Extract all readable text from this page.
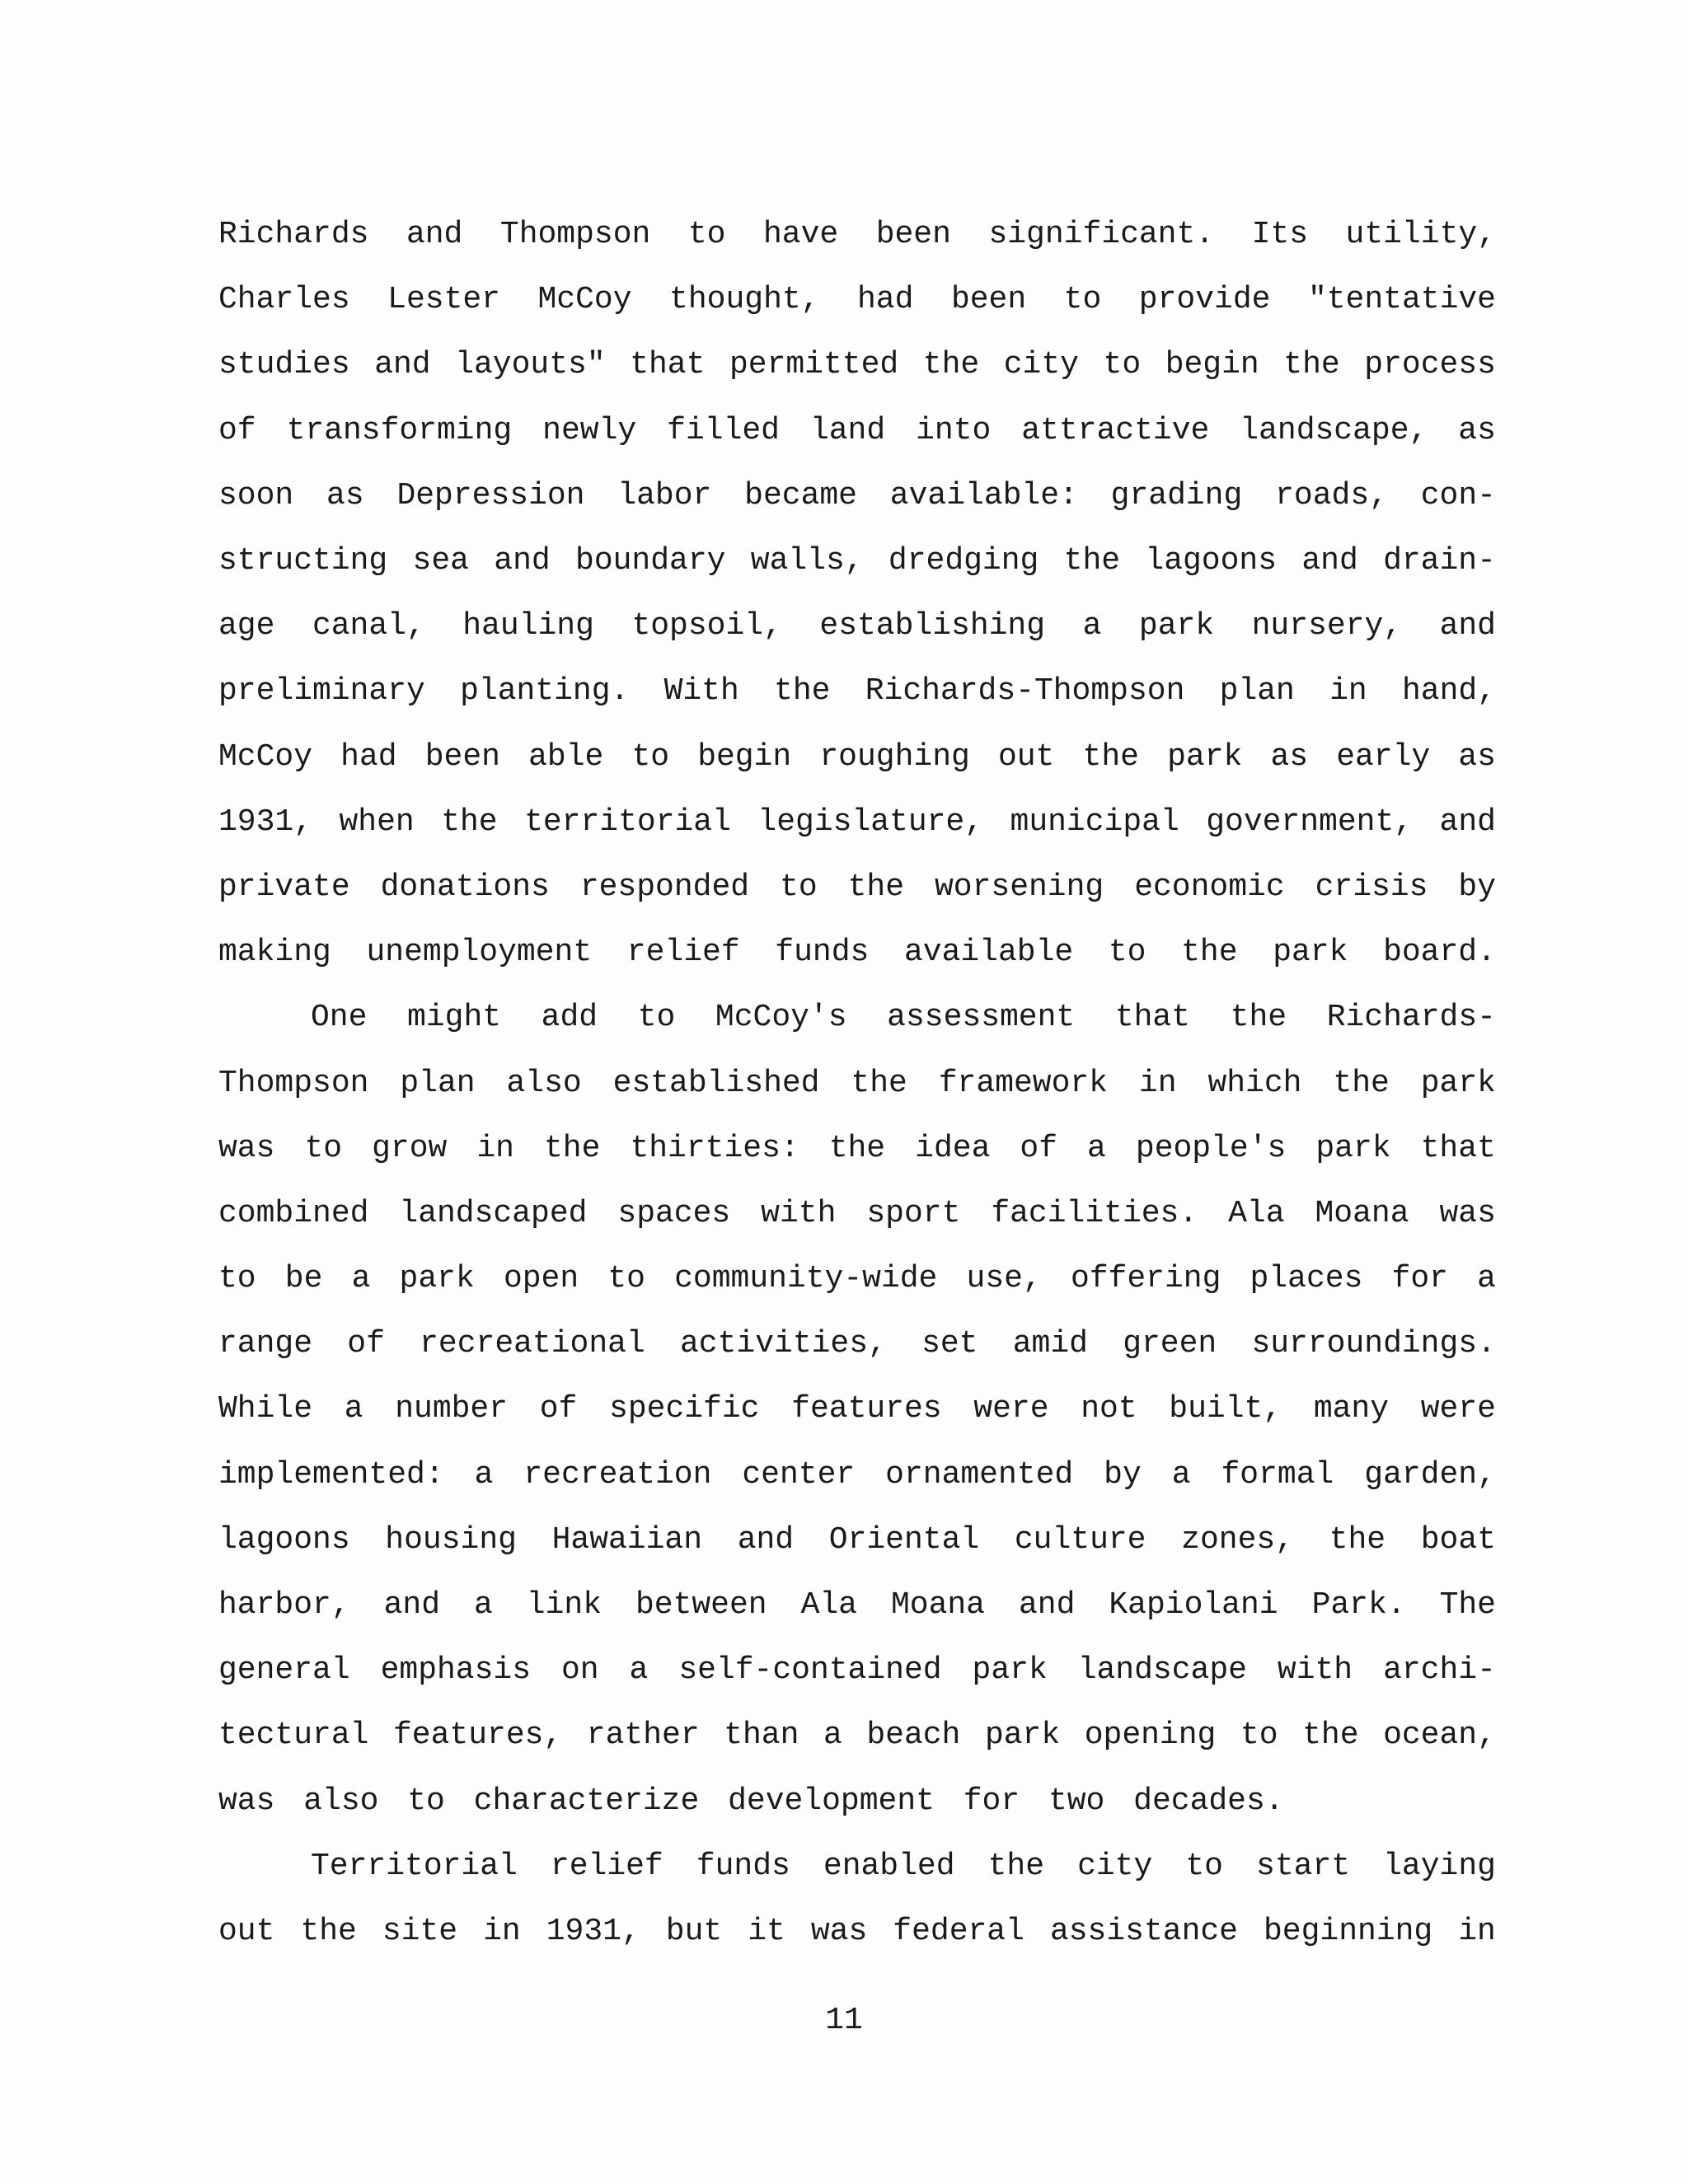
Richards and Thompson to have been significant. Its utility,
Charles Lester McCoy thought, had been to provide "tentative
studies and layouts" that permitted the city to begin the process
of transforming newly filled land into attractive landscape, as
soon as Depression labor became available: grading roads, con-
structing sea and boundary walls, dredging the lagoons and drain-
age canal, hauling topsoil, establishing a park nursery, and
preliminary planting. With the Richards-Thompson plan in hand,
McCoy had been able to begin roughing out the park as early as
1931, when the territorial legislature, municipal government, and
private donations responded to the worsening economic crisis by
making unemployment relief funds available to the park board.
One might add to McCoy's assessment that the Richards-
Thompson plan also established the framework in which the park
was to grow in the thirties: the idea of a people's park that
combined landscaped spaces with sport facilities. Ala Moana was
to be a park open to community-wide use, offering places for a
range of recreational activities, set amid green surroundings.
While a number of specific features were not built, many were
implemented: a recreation center ornamented by a formal garden,
lagoons housing Hawaiian and Oriental culture zones, the boat
harbor, and a link between Ala Moana and Kapiolani Park. The
general emphasis on a self-contained park landscape with archi-
tectural features, rather than a beach park opening to the ocean,
was also to characterize development for two decades.
Territorial relief funds enabled the city to start laying
out the site in 1931, but it was federal assistance beginning in
11
